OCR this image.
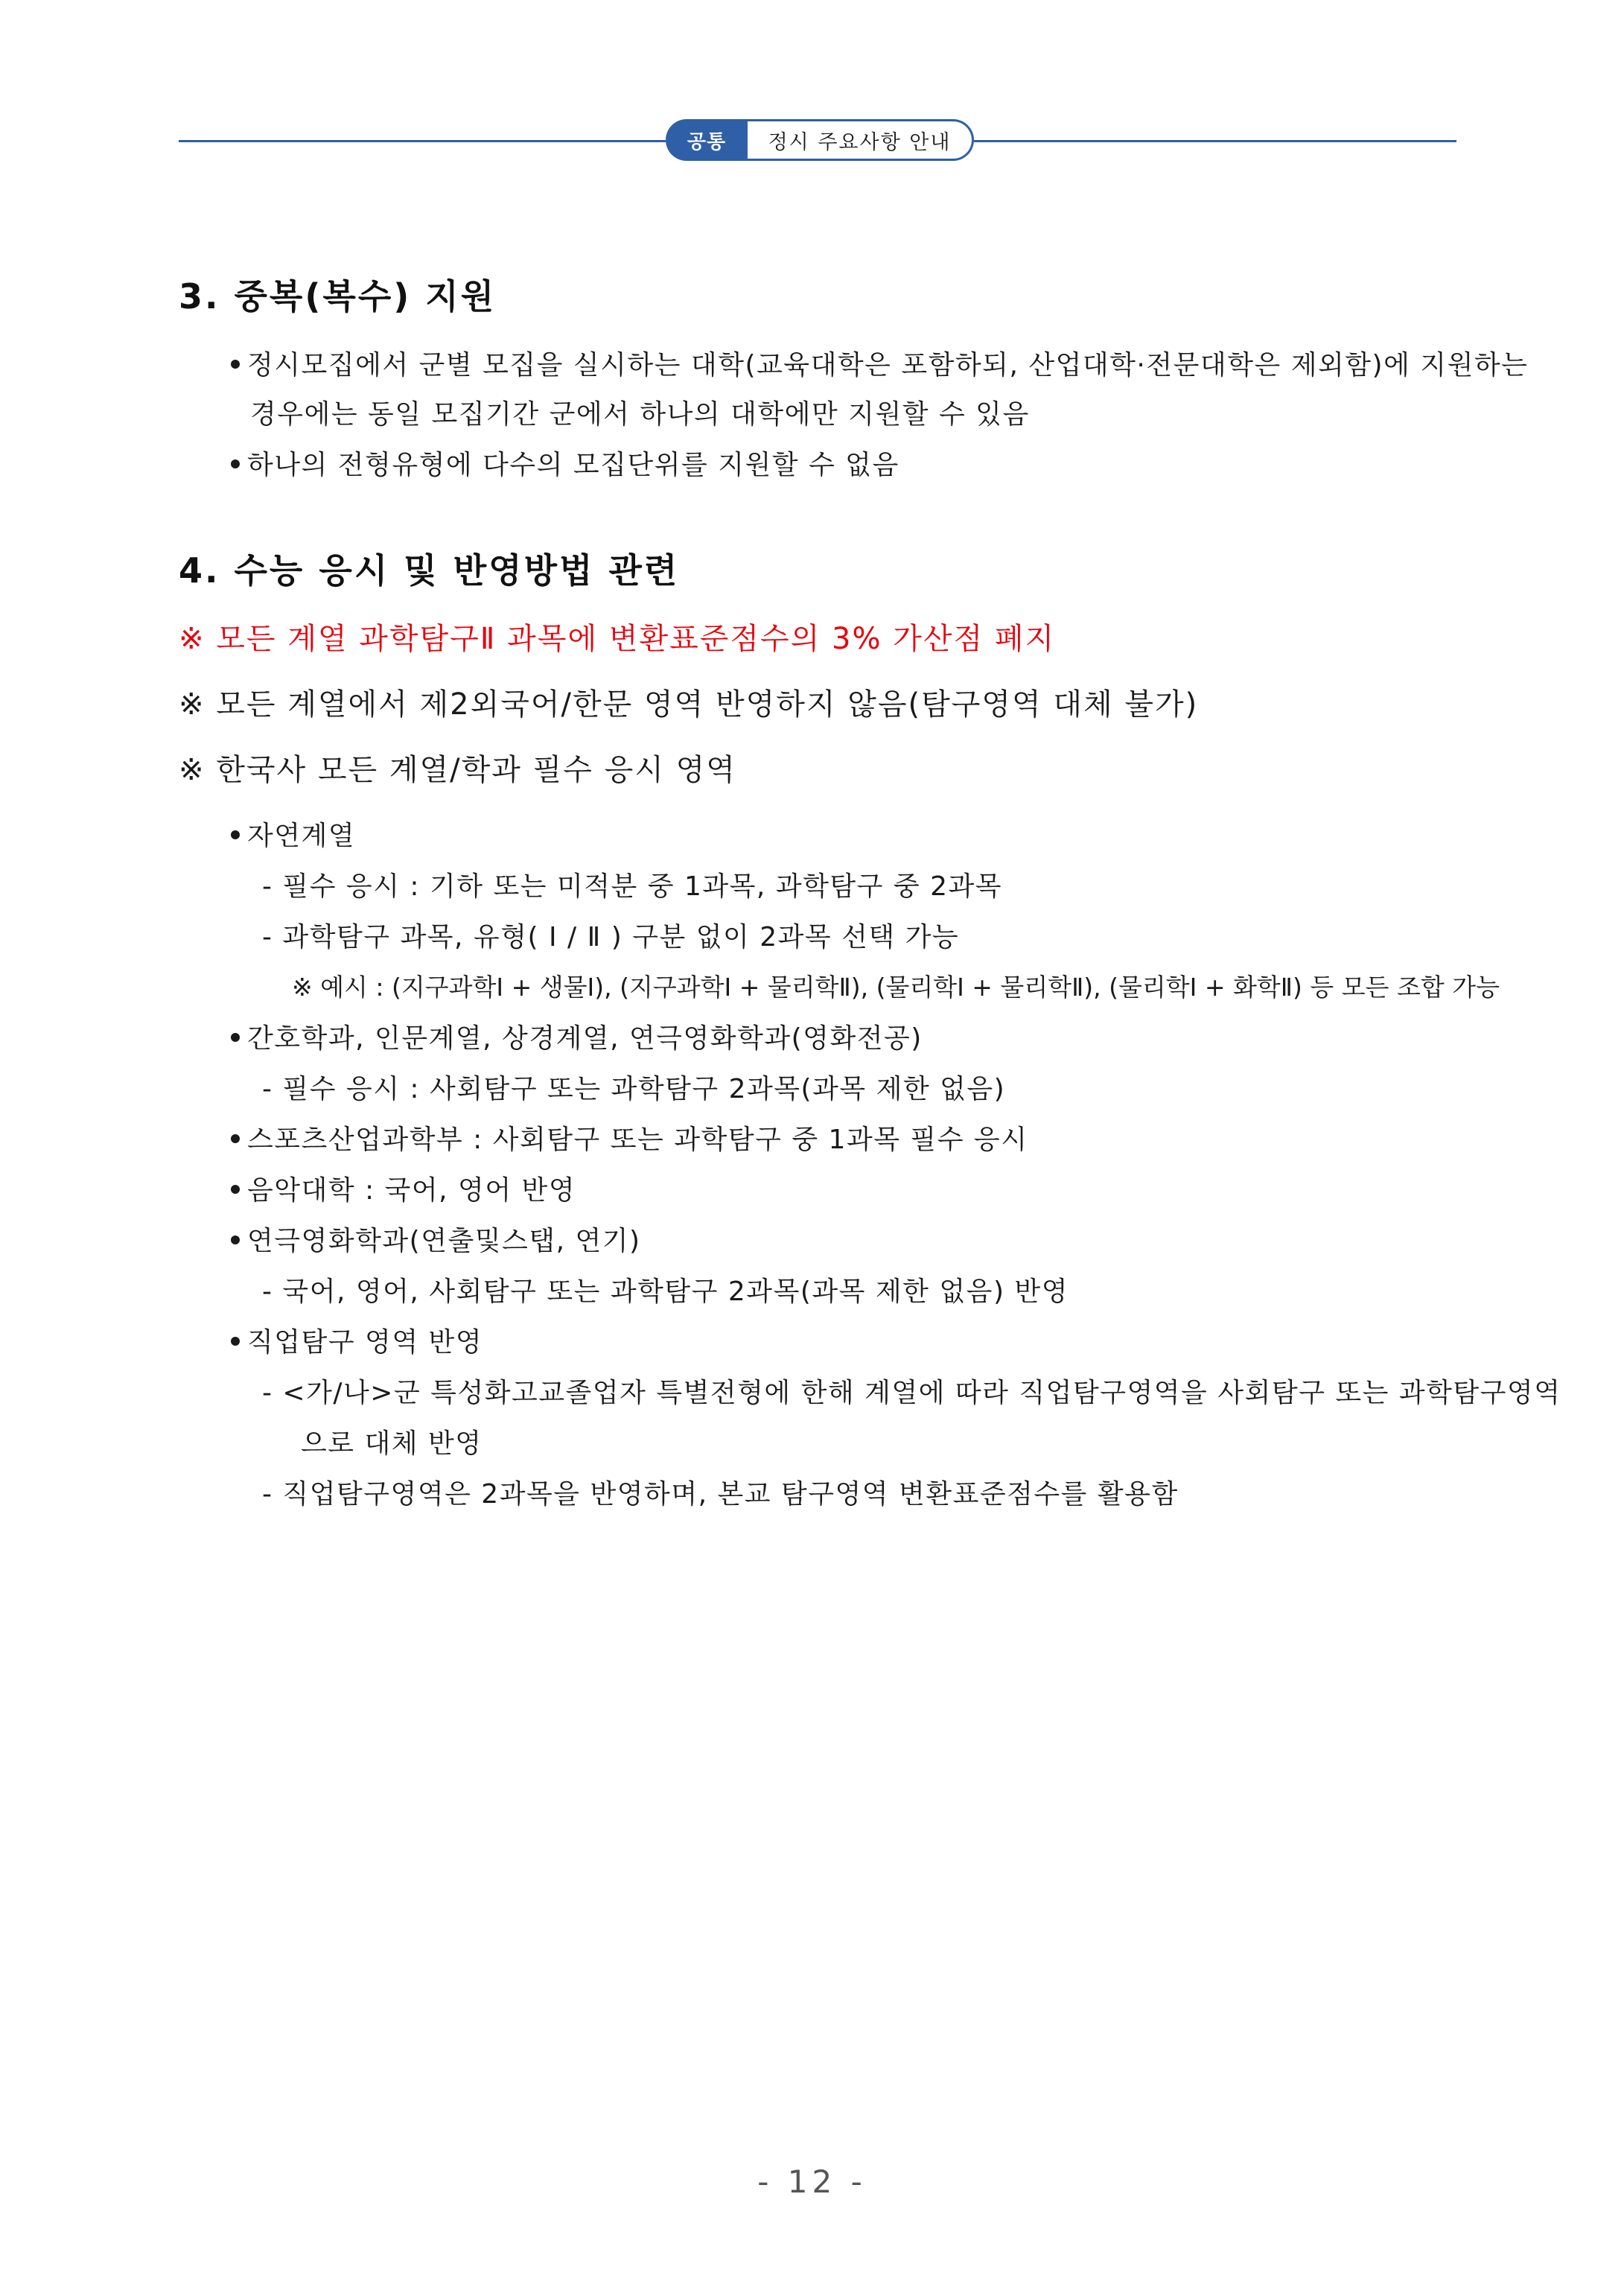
공통	정시 주요사항 안내
3. 중복(복수) 지원
정시모집에서 군별 모집을 실시하는 대학(교육대학은 포함하되, 산업대학·전문대학은 제외함)에 지원하는
경우에는 동일 모집기간 군에서 하나의 대학에만 지원할 수 있음
하나의 전형유형에 다수의 모집단위를 지원할 수 없음
4. 수능 응시 및 반영방법 관련
※ 모든 계열 과학탐구Ⅱ 과목에 변환표준점수의 3% 가산점 폐지
※ 모든 계열에서 제2외국어/한문 영역 반영하지 않음(탐구영역 대체 불가)
※ 한국사 모든 계열/학과 필수 응시 영역
자연계열
- 필수 응시 : 기하 또는 미적분 중 1과목, 과학탐구 중 2과목
- 과학탐구 과목, 유형( Ⅰ / Ⅱ ) 구분 없이 2과목 선택 가능
※ 예시 : (지구과학Ⅰ + 생물Ⅰ), (지구과학Ⅰ + 물리학Ⅱ), (물리학Ⅰ + 물리학Ⅱ), (물리학Ⅰ + 화학Ⅱ) 등 모든 조합 가능
간호학과, 인문계열, 상경계열, 연극영화학과(영화전공)
- 필수 응시 : 사회탐구 또는 과학탐구 2과목(과목 제한 없음)
스포츠산업과학부 : 사회탐구 또는 과학탐구 중 1과목 필수 응시
음악대학 : 국어, 영어 반영
연극영화학과(연출및스탭, 연기)
- 국어, 영어, 사회탐구 또는 과학탐구 2과목(과목 제한 없음) 반영
직업탐구 영역 반영
- <가/나>군 특성화고교졸업자 특별전형에 한해 계열에 따라 직업탐구영역을 사회탐구 또는 과학탐구영역
으로 대체 반영
- 직업탐구영역은 2과목을 반영하며, 본교 탐구영역 변환표준점수를 활용함
- 12 -
